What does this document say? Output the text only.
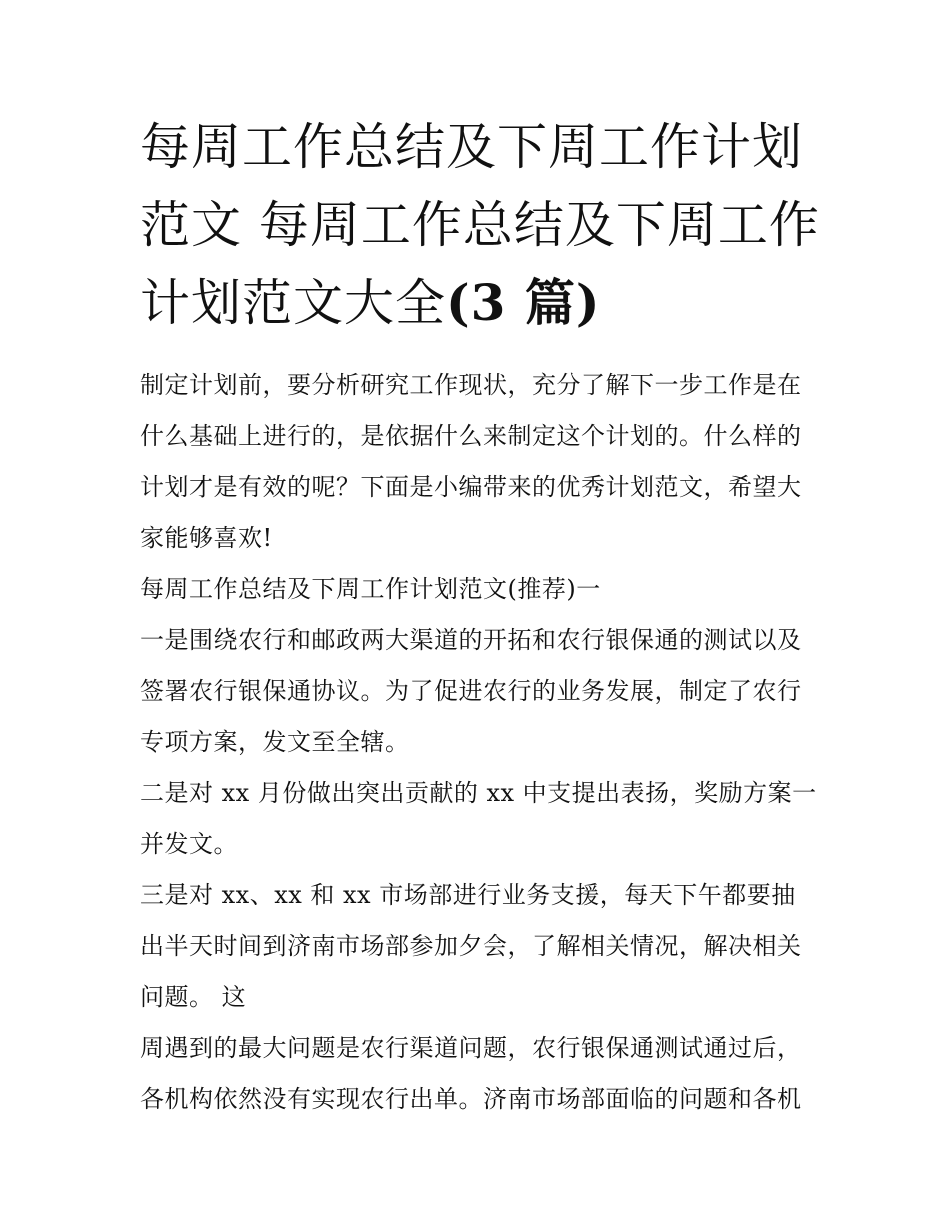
每周工作总结及下周工作计划范文 每周工作总结及下周工作计划范文大全(3 篇)

制定计划前，要分析研究工作现状，充分了解下一步工作是在什么基础上进行的，是依据什么来制定这个计划的。什么样的计划才是有效的呢？下面是小编带来的优秀计划范文，希望大家能够喜欢!

每周工作总结及下周工作计划范文(推荐)一

一是围绕农行和邮政两大渠道的开拓和农行银保通的测试以及签署农行银保通协议。为了促进农行的业务发展，制定了农行专项方案，发文至全辖。

二是对 xx 月份做出突出贡献的 xx 中支提出表扬，奖励方案一并发文。

三是对 xx、xx 和 xx 市场部进行业务支援，每天下午都要抽出半天时间到济南市场部参加夕会，了解相关情况，解决相关问题。 这

周遇到的最大问题是农行渠道问题，农行银保通测试通过后，各机构依然没有实现农行出单。济南市场部面临的问题和各机
